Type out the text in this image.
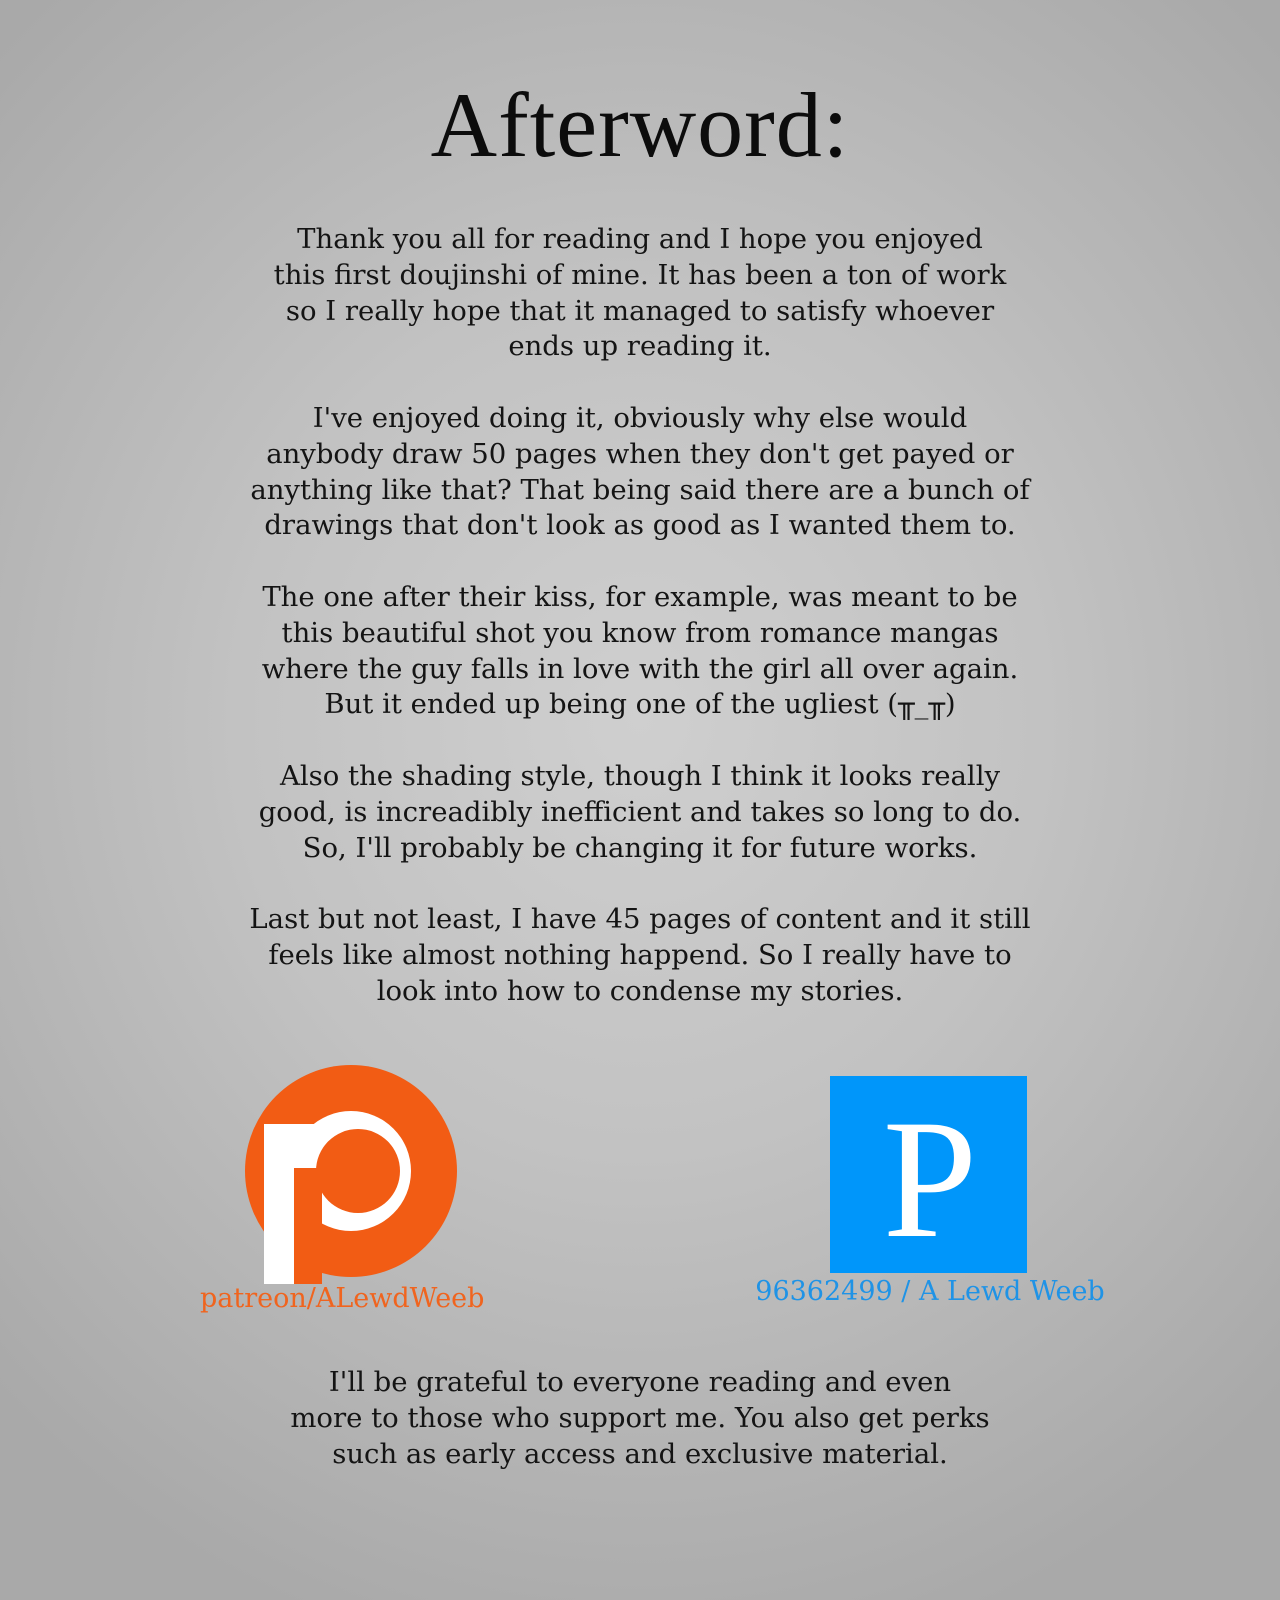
Afterword:

Thank you all for reading and I hope you enjoyed
this first doujinshi of mine. It has been a ton of work
so I really hope that it managed to satisfy whoever
ends up reading it.

I've enjoyed doing it, obviously why else would
anybody draw 50 pages when they don't get payed or
anything like that? That being said there are a bunch of
drawings that don't look as good as I wanted them to.

The one after their kiss, for example, was meant to be
this beautiful shot you know from romance mangas
where the guy falls in love with the girl all over again.
But it ended up being one of the ugliest (╥_╥)

Also the shading style, though I think it looks really
good, is increadibly inefficient and takes so long to do.
So, I'll probably be changing it for future works.

Last but not least, I have 45 pages of content and it still
feels like almost nothing happend. So I really have to
look into how to condense my stories.

patreon/ALewdWeeb
P
96362499 / A Lewd Weeb
I'll be grateful to everyone reading and even
more to those who support me. You also get perks
such as early access and exclusive material.
